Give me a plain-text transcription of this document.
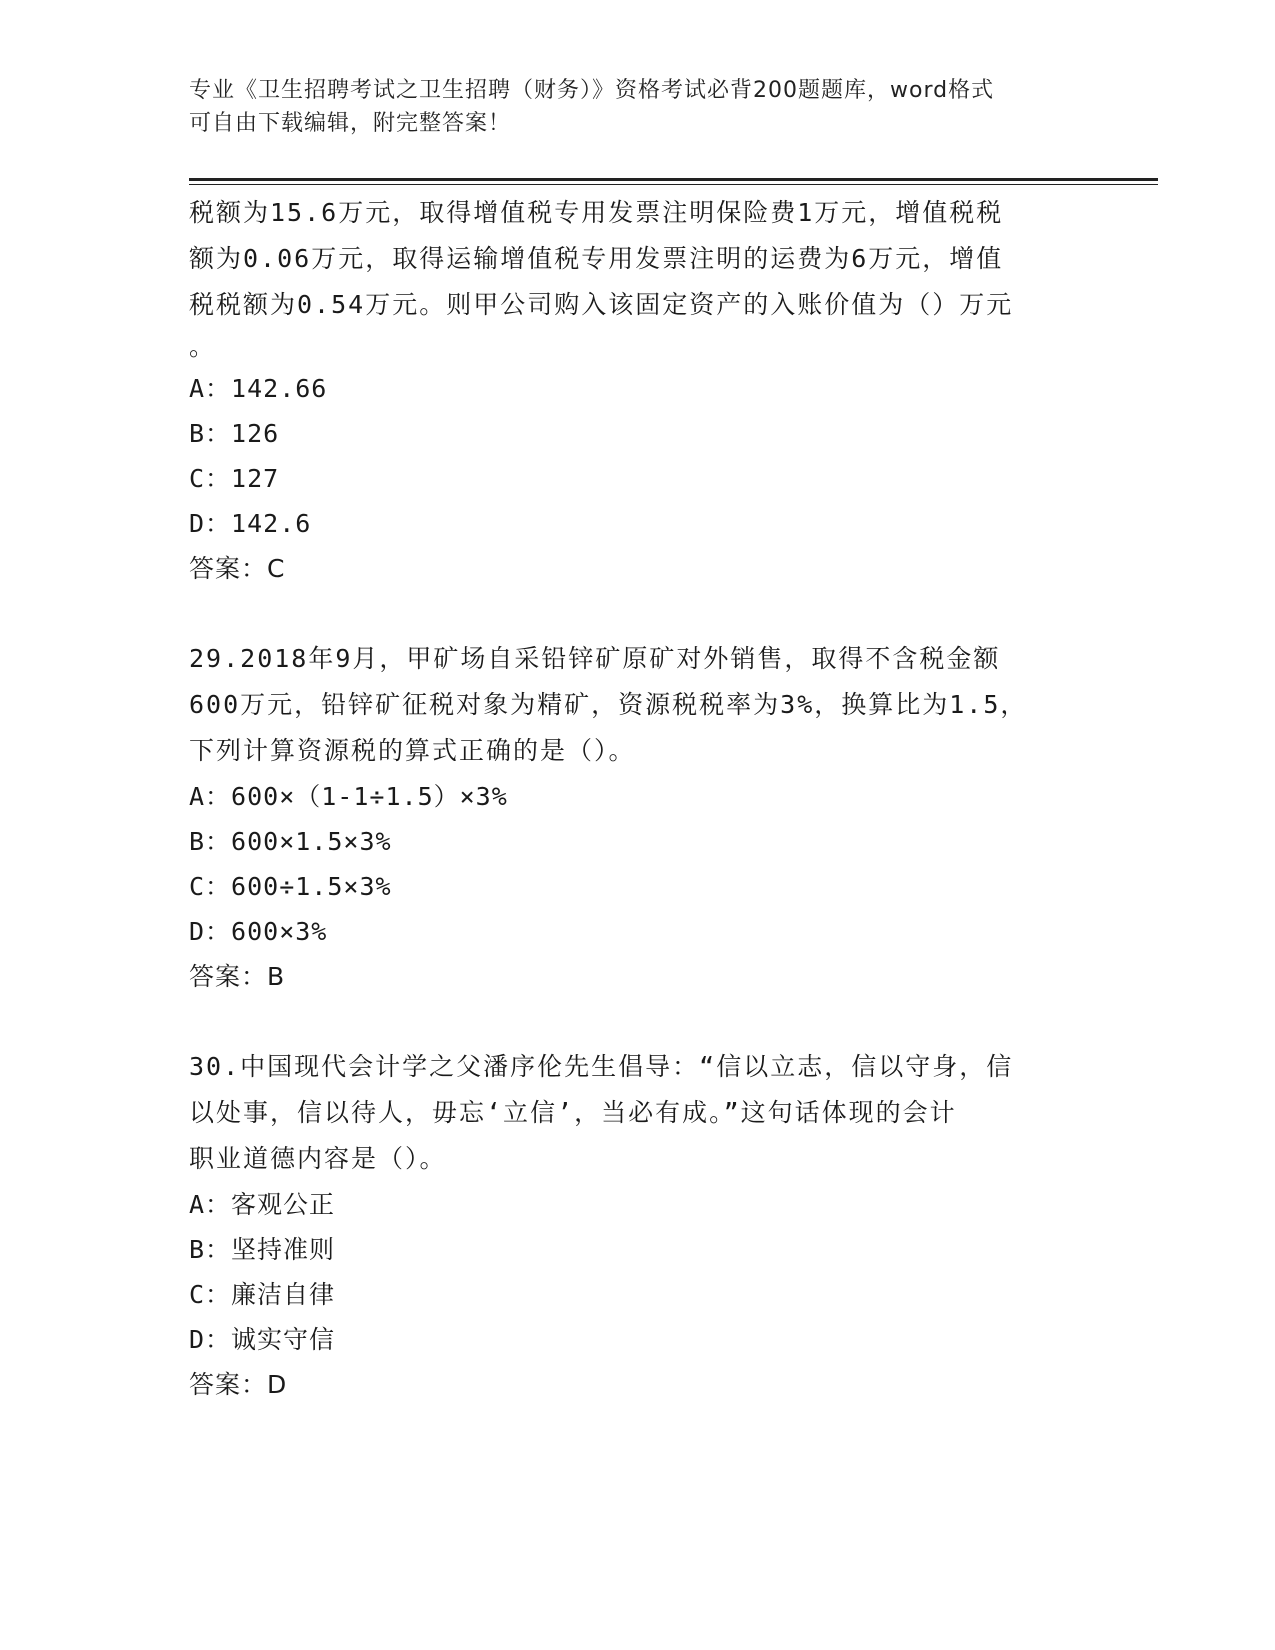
专业《卫生招聘考试之卫生招聘（财务）》资格考试必背200题题库，word格式
可自由下载编辑，附完整答案！
税额为15.6万元，取得增值税专用发票注明保险费1万元，增值税税
额为0.06万元，取得运输增值税专用发票注明的运费为6万元，增值
税税额为0.54万元。则甲公司购入该固定资产的入账价值为（）万元
。
A：142.66
B：126
C：127
D：142.6
答案：C
29.2018年9月，甲矿场自采铅锌矿原矿对外销售，取得不含税金额
600万元，铅锌矿征税对象为精矿，资源税税率为3%，换算比为1.5，
下列计算资源税的算式正确的是（）。
A：600×（1-1÷1.5）×3%
B：600×1.5×3%
C：600÷1.5×3%
D：600×3%
答案：B
30.中国现代会计学之父潘序伦先生倡导：“信以立志，信以守身，信
以处事，信以待人，毋忘‘立信’，当必有成。”这句话体现的会计
职业道德内容是（）。
A：客观公正
B：坚持准则
C：廉洁自律
D：诚实守信
答案：D
